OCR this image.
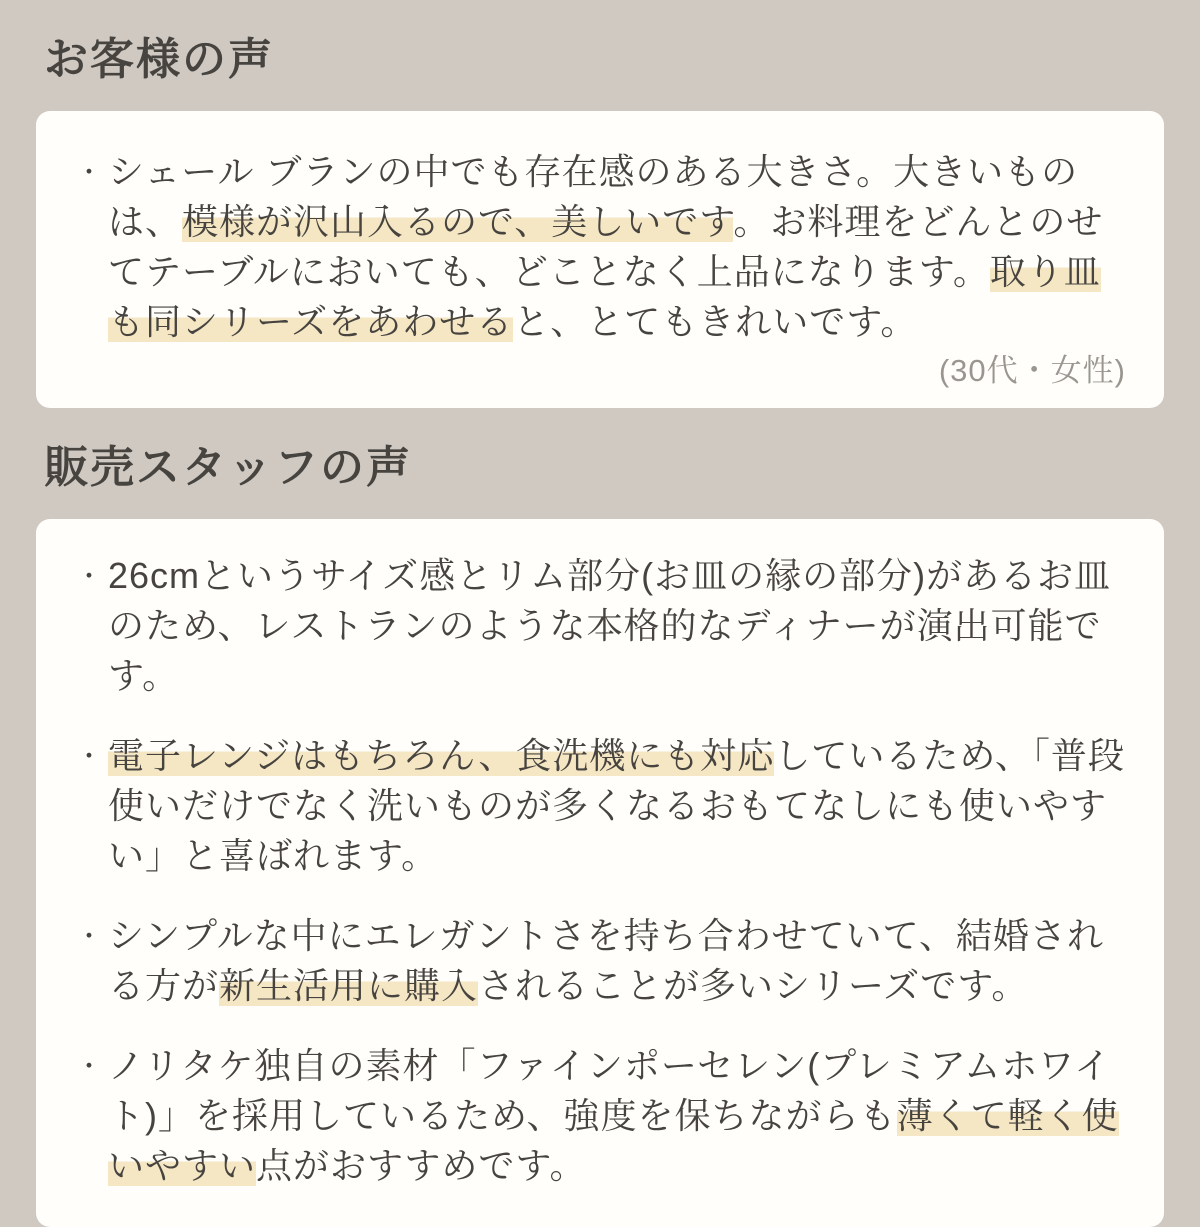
お客様の声
・ シェール ブランの中でも存在感のある大きさ。大きいものは、模様が沢山入るので、美しいです。お料理をどんとのせてテーブルにおいても、どことなく上品になります。取り皿も同シリーズをあわせると、とてもきれいです。

(30代・女性)

販売スタッフの声
・ 26cmというサイズ感とリム部分(お皿の縁の部分)があるお皿のため、レストランのような本格的なディナーが演出可能です。

・ 電子レンジはもちろん、食洗機にも対応しているため、「普段使いだけでなく洗いものが多くなるおもてなしにも使いやすい」と喜ばれます。

・ シンプルな中にエレガントさを持ち合わせていて、結婚される方が新生活用に購入されることが多いシリーズです。

・ ノリタケ独自の素材「ファインポーセレン(プレミアムホワイト)」を採用しているため、強度を保ちながらも薄くて軽く使いやすい点がおすすめです。
